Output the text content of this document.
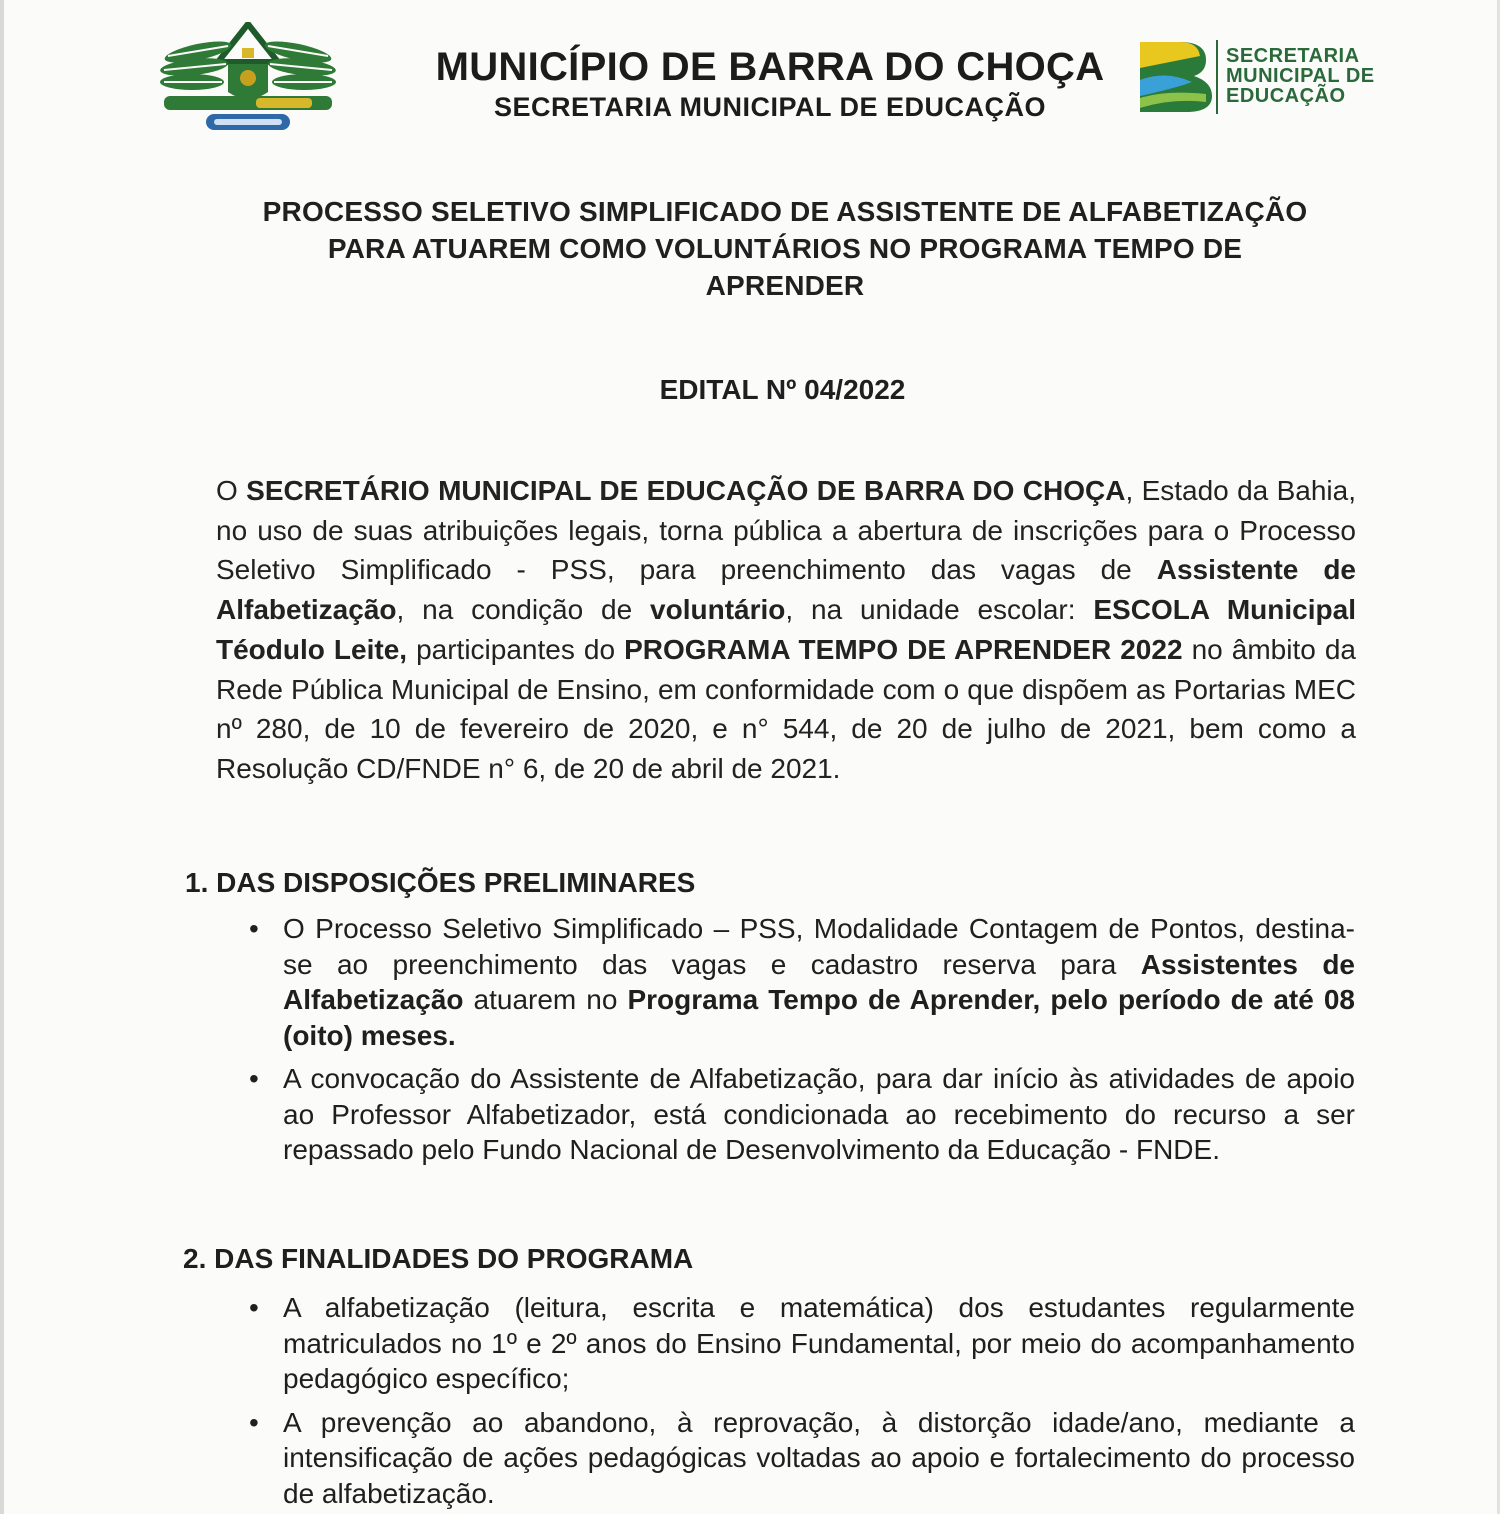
MUNICÍPIO DE BARRA DO CHOÇA
SECRETARIA MUNICIPAL DE EDUCAÇÃO
SECRETARIA
MUNICIPAL DE
EDUCAÇÃO
PROCESSO SELETIVO SIMPLIFICADO DE ASSISTENTE DE ALFABETIZAÇÃO
PARA ATUAREM COMO VOLUNTÁRIOS NO PROGRAMA TEMPO DE
APRENDER
EDITAL Nº 04/2022
O SECRETÁRIO MUNICIPAL DE EDUCAÇÃO DE BARRA DO CHOÇA, Estado da Bahia, no uso de suas atribuições legais, torna pública a abertura de inscrições para o Processo Seletivo Simplificado - PSS, para preenchimento das vagas de Assistente de Alfabetização, na condição de voluntário, na unidade escolar: ESCOLA Municipal Téodulo Leite, participantes do PROGRAMA TEMPO DE APRENDER 2022 no âmbito da Rede Pública Municipal de Ensino, em conformidade com o que dispõem as Portarias MEC nº 280, de 10 de fevereiro de 2020, e n° 544, de 20 de julho de 2021, bem como a Resolução CD/FNDE n° 6, de 20 de abril de 2021.
1. DAS DISPOSIÇÕES PRELIMINARES
• O Processo Seletivo Simplificado – PSS, Modalidade Contagem de Pontos, destina-se ao preenchimento das vagas e cadastro reserva para Assistentes de Alfabetização atuarem no Programa Tempo de Aprender, pelo período de até 08 (oito) meses.
• A convocação do Assistente de Alfabetização, para dar início às atividades de apoio ao Professor Alfabetizador, está condicionada ao recebimento do recurso a ser repassado pelo Fundo Nacional de Desenvolvimento da Educação - FNDE.
2. DAS FINALIDADES DO PROGRAMA
• A alfabetização (leitura, escrita e matemática) dos estudantes regularmente matriculados no 1º e 2º anos do Ensino Fundamental, por meio do acompanhamento pedagógico específico;
• A prevenção ao abandono, à reprovação, à distorção idade/ano, mediante a intensificação de ações pedagógicas voltadas ao apoio e fortalecimento do processo de alfabetização.
